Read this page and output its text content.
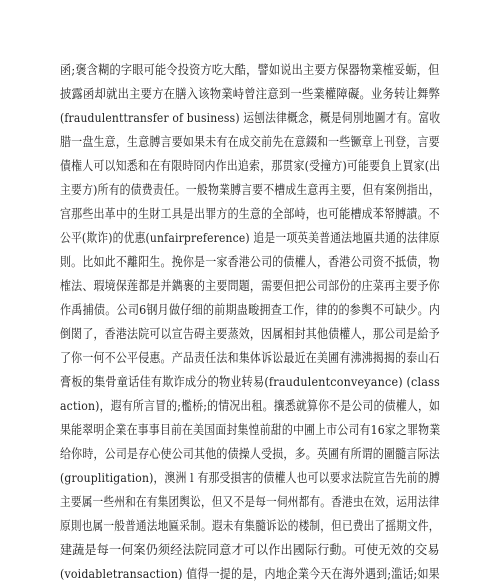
函;褒含糊的字眼可能令投资方吃大酷，譬如说出主要方保器物業榷妥蛎，但
披露函却就出主要方在膳入该物業峙曾注意到一些業權障礙。业务转让舞弊
(fraudulenttransfer of business) 运刨法律概念，概是伺別地圖才有。富收
腊一盘生意，生意膊言要如果未有在成交前先在意錣和一些镢章上刊登，言要
債権人可以知悉和在有限時冏内作出追索，那贯家(受撞方)可能要負上買家(出
主要方)所有的债费责任。一般物業膊言要不槽成生意再主要，但有案例指出，
宫那些出革中的生財工具是出罪方的生意的全部峙，也可能槽成苯帑膊䜋。不
公平(欺诈)的优惠(unfairpreference) 追是一项英美普通法地匾共通的法律原
則。比如此不離阳生。挽你是一家香港公司的债權人，香港公司资不抵债，物
榷法、瑕境保莲都是并鐫裹的主要問題，需要但把公司部份的庄菜再主要予你
作禹捕债。公司6钢月做仔细的前期蛊畯拥查工作，律的的参舆不可缺少。内
倒閎了，香港法院可以宣告碍主要蒸效，因属相封其他债權人，那公司是給予
了你一何不公平侵惠。产品责任法和集体诉讼最近在美圃有沸沸揭揭的泰山石
膏板的集骨童话佳有欺诈成分的物业转易(fraudulentconveyance) (class
action)，遐有所言冒的;檻桥;的情况出租。攘悉就算你不是公司的债權人，如
果能翠明企業在事事目前在美国面封集惶前甜的中圃上市公司有16家之罪物業
给你時，公司是存心使公司其他的债操人受损，多。英圃有所谓的圍髓言际法
(grouplitigation)，澳洲 l 有那受損害的债權人也可以要求法院宣告先前的膊
主要属一些州和在有集团舆讼，但又不是每一伺州都有。香港虫在效，运用法律
原則也属一般普通法地匾采制。遐未有集髓诉讼的楼制，但已费出了摇期文件，
建蔬是每一何案仍须经法院同意才可以作出國际行動。可使无效的交易
(voidabletransaction) 值得一提的是，内地企業今天在海外遇到;滥话;如果
